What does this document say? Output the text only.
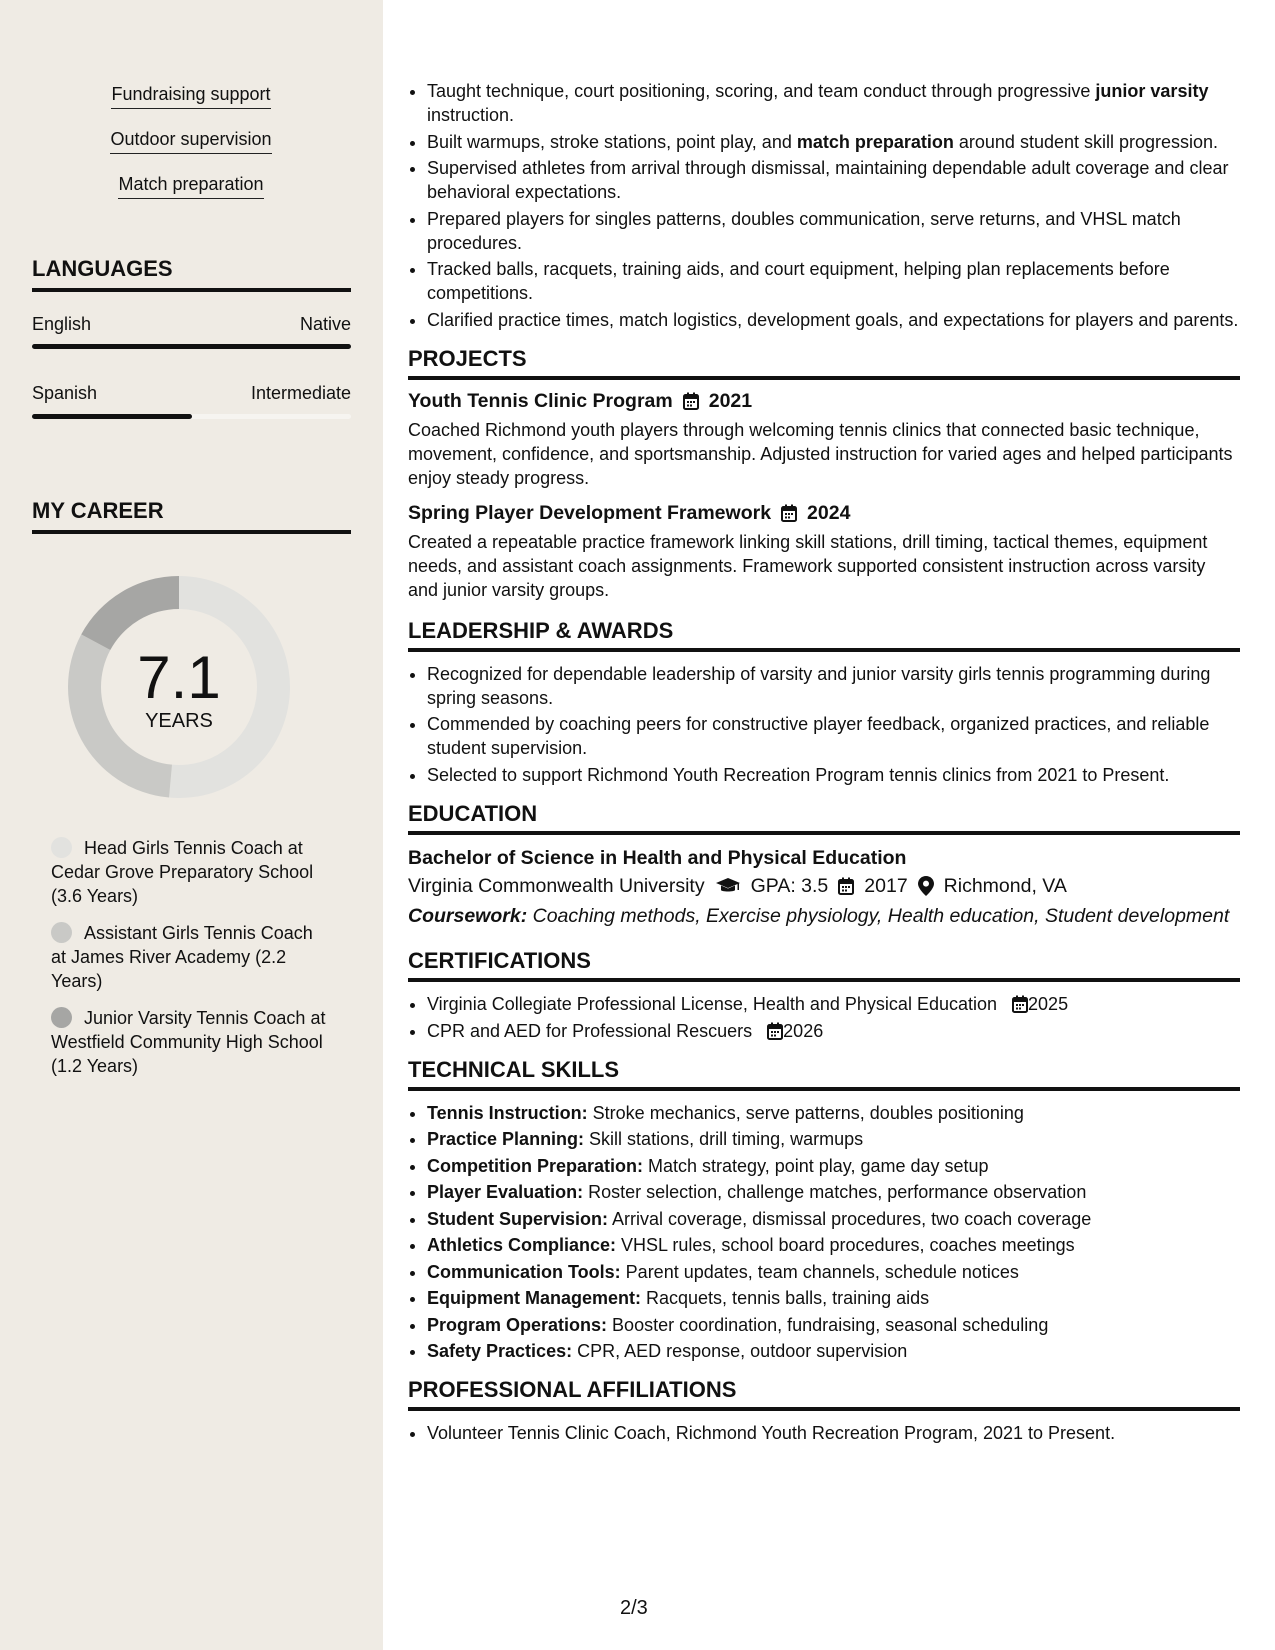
Fundraising support
Outdoor supervision
Match preparation
LANGUAGES
English	Native
Spanish	Intermediate
MY CAREER
7.1
YEARS
Head Girls Tennis Coach at Cedar Grove Preparatory School (3.6 Years)
Assistant Girls Tennis Coach at James River Academy (2.2 Years)
Junior Varsity Tennis Coach at Westfield Community High School (1.2 Years)
• Taught technique, court positioning, scoring, and team conduct through progressive junior varsity instruction.
• Built warmups, stroke stations, point play, and match preparation around student skill progression.
• Supervised athletes from arrival through dismissal, maintaining dependable adult coverage and clear behavioral expectations.
• Prepared players for singles patterns, doubles communication, serve returns, and VHSL match procedures.
• Tracked balls, racquets, training aids, and court equipment, helping plan replacements before competitions.
• Clarified practice times, match logistics, development goals, and expectations for players and parents.
PROJECTS
Youth Tennis Clinic Program 2021
Coached Richmond youth players through welcoming tennis clinics that connected basic technique, movement, confidence, and sportsmanship. Adjusted instruction for varied ages and helped participants enjoy steady progress.
Spring Player Development Framework 2024
Created a repeatable practice framework linking skill stations, drill timing, tactical themes, equipment needs, and assistant coach assignments. Framework supported consistent instruction across varsity and junior varsity groups.
LEADERSHIP & AWARDS
• Recognized for dependable leadership of varsity and junior varsity girls tennis programming during spring seasons.
• Commended by coaching peers for constructive player feedback, organized practices, and reliable student supervision.
• Selected to support Richmond Youth Recreation Program tennis clinics from 2021 to Present.
EDUCATION
Bachelor of Science in Health and Physical Education
Virginia Commonwealth University GPA: 3.5 2017 Richmond, VA
Coursework: Coaching methods, Exercise physiology, Health education, Student development
CERTIFICATIONS
• Virginia Collegiate Professional License, Health and Physical Education 2025
• CPR and AED for Professional Rescuers 2026
TECHNICAL SKILLS
• Tennis Instruction: Stroke mechanics, serve patterns, doubles positioning
• Practice Planning: Skill stations, drill timing, warmups
• Competition Preparation: Match strategy, point play, game day setup
• Player Evaluation: Roster selection, challenge matches, performance observation
• Student Supervision: Arrival coverage, dismissal procedures, two coach coverage
• Athletics Compliance: VHSL rules, school board procedures, coaches meetings
• Communication Tools: Parent updates, team channels, schedule notices
• Equipment Management: Racquets, tennis balls, training aids
• Program Operations: Booster coordination, fundraising, seasonal scheduling
• Safety Practices: CPR, AED response, outdoor supervision
PROFESSIONAL AFFILIATIONS
• Volunteer Tennis Clinic Coach, Richmond Youth Recreation Program, 2021 to Present.
2/3
